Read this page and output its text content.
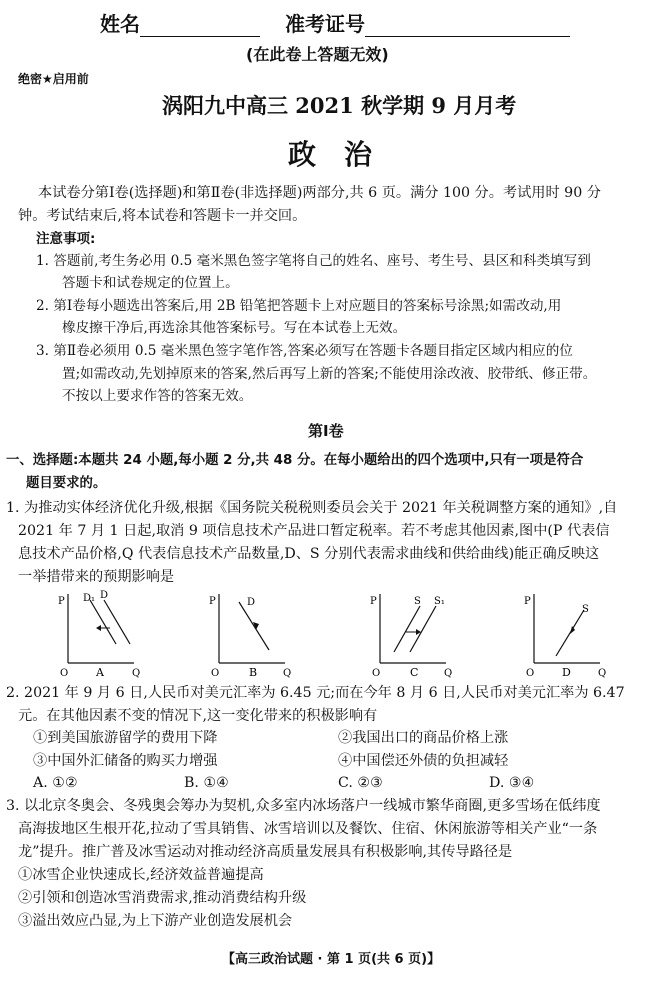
姓名	准考证号
(在此卷上答题无效)
绝密★启用前
涡阳九中高三 2021 秋学期 9 月月考
政　治
本试卷分第Ⅰ卷(选择题)和第Ⅱ卷(非选择题)两部分,共 6 页。满分 100 分。考试用时 90 分
钟。考试结束后,将本试卷和答题卡一并交回。
注意事项:
1. 答题前,考生务必用 0.5 毫米黑色签字笔将自己的姓名、座号、考生号、县区和科类填写到
答题卡和试卷规定的位置上。
2. 第Ⅰ卷每小题选出答案后,用 2B 铅笔把答题卡上对应题目的答案标号涂黑;如需改动,用
橡皮擦干净后,再选涂其他答案标号。写在本试卷上无效。
3. 第Ⅱ卷必须用 0.5 毫米黑色签字笔作答,答案必须写在答题卡各题目指定区域内相应的位
置;如需改动,先划掉原来的答案,然后再写上新的答案;不能使用涂改液、胶带纸、修正带。
不按以上要求作答的答案无效。
第Ⅰ卷
一、选择题:本题共 24 小题,每小题 2 分,共 48 分。在每小题给出的四个选项中,只有一项是符合
题目要求的。
1. 为推动实体经济优化升级,根据《国务院关税税则委员会关于 2021 年关税调整方案的通知》,自
2021 年 7 月 1 日起,取消 9 项信息技术产品进口暂定税率。若不考虑其他因素,图中(P 代表信
息技术产品价格,Q 代表信息技术产品数量,D、S 分别代表需求曲线和供给曲线)能正确反映这
一举措带来的预期影响是
P
Q
O
D₁ D
A
P
Q
O
D
B
P
Q
O
S S₁
C
P
Q
O
S
D
2. 2021 年 9 月 6 日,人民币对美元汇率为 6.45 元;而在今年 8 月 6 日,人民币对美元汇率为 6.47
元。在其他因素不变的情况下,这一变化带来的积极影响有
①到美国旅游留学的费用下降	②我国出口的商品价格上涨
③中国外汇储备的购买力增强	④中国偿还外债的负担减轻
A. ①②	B. ①④	C. ②③	D. ③④
3. 以北京冬奥会、冬残奥会筹办为契机,众多室内冰场落户一线城市繁华商圈,更多雪场在低纬度
高海拔地区生根开花,拉动了雪具销售、冰雪培训以及餐饮、住宿、休闲旅游等相关产业“一条
龙”提升。推广普及冰雪运动对推动经济高质量发展具有积极影响,其传导路径是
①冰雪企业快速成长,经济效益普遍提高
②引领和创造冰雪消费需求,推动消费结构升级
③溢出效应凸显,为上下游产业创造发展机会
【高三政治试题 · 第 1 页(共 6 页)】
